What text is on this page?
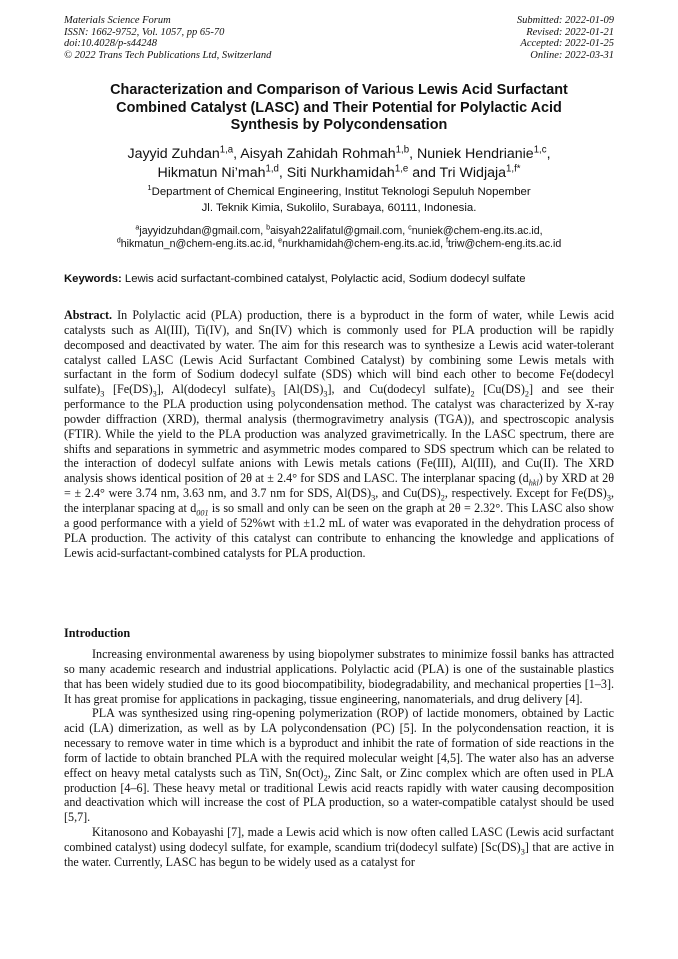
Materials Science Forum
ISSN: 1662-9752, Vol. 1057, pp 65-70
doi:10.4028/p-s44248
© 2022 Trans Tech Publications Ltd, Switzerland
Submitted: 2022-01-09
Revised: 2022-01-21
Accepted: 2022-01-25
Online: 2022-03-31
Characterization and Comparison of Various Lewis Acid Surfactant
Combined Catalyst (LASC) and Their Potential for Polylactic Acid
Synthesis by Polycondensation
Jayyid Zuhdan$^{1,a}$, Aisyah Zahidah Rohmah$^{1,b}$, Nuniek Hendrianie$^{1,c}$,
Hikmatun Ni’mah$^{1,d}$, Siti Nurkhamidah$^{1,e}$ and Tri Widjaja$^{1,f*}$
$^1$Department of Chemical Engineering, Institut Teknologi Sepuluh Nopember
Jl. Teknik Kimia, Sukolilo, Surabaya, 60111, Indonesia.
$^a$jayyidzuhdan@gmail.com, $^b$aisyah22alifatul@gmail.com, $^c$nuniek@chem-eng.its.ac.id,
$^d$hikmatun_n@chem-eng.its.ac.id, $^e$nurkhamidah@chem-eng.its.ac.id, $^f$triw@chem-eng.its.ac.id
Keywords: Lewis acid surfactant-combined catalyst, Polylactic acid, Sodium dodecyl sulfate
Abstract. In Polylactic acid (PLA) production, there is a byproduct in the form of water, while Lewis acid catalysts such as Al(III), Ti(IV), and Sn(IV) which is commonly used for PLA production will be rapidly decomposed and deactivated by water. The aim for this research was to synthesize a Lewis acid water-tolerant catalyst called LASC (Lewis Acid Surfactant Combined Catalyst) by combining some Lewis metals with surfactant in the form of Sodium dodecyl sulfate (SDS) which will bind each other to become Fe(dodecyl $sulfate)_3$ $[Fe(DS)_3]$, Al(dodecyl $sulfate)_3$ $[Al(DS)_3]$, and Cu(dodecyl $sulfate)_2$ $[Cu(DS)_2]$ and see their performance to the PLA production using polycondensation method. The catalyst was characterized by X-ray powder diffraction (XRD), thermal analysis (thermogravimetry analysis (TGA)), and spectroscopic analysis (FTIR). While the yield to the PLA production was analyzed gravimetrically. In the LASC spectrum, there are shifts and separations in symmetric and asymmetric modes compared to SDS spectrum which can be related to the interaction of dodecyl sulfate anions with Lewis metals cations (Fe(III), Al(III), and Cu(II). The XRD analysis shows identical position of 2θ at ± 2.4° for SDS and LASC. The interplanar spacing $(d_{hkl})$ by XRD at 2θ = ± 2.4° were 3.74 nm, 3.63 nm, and 3.7 nm for SDS, $Al(DS)_3$, and $Cu(DS)_2$, respectively. Except for $Fe(DS)_3$, the interplanar spacing at $d_{001}$ is so small and only can be seen on the graph at 2θ = 2.32°. This LASC also show a good performance with a yield of 52%wt with ±1.2 mL of water was evaporated in the dehydration process of PLA production. The activity of this catalyst can contribute to enhancing the knowledge and applications of Lewis acid-surfactant-combined catalysts for PLA production.
Introduction

Increasing environmental awareness by using biopolymer substrates to minimize fossil banks has attracted so many academic research and industrial applications. Polylactic acid (PLA) is one of the sustainable plastics that has been widely studied due to its good biocompatibility, biodegradability, and mechanical properties [1–3]. It has great promise for applications in packaging, tissue engineering, nanomaterials, and drug delivery [4].

PLA was synthesized using ring-opening polymerization (ROP) of lactide monomers, obtained by Lactic acid (LA) dimerization, as well as by LA polycondensation (PC) [5]. In the polycondensation reaction, it is necessary to remove water in time which is a byproduct and inhibit the rate of formation of side reactions in the form of lactide to obtain branched PLA with the required molecular weight [4,5]. The water also has an adverse effect on heavy metal catalysts such as TiN, $Sn(Oct)_2$, Zinc Salt, or Zinc complex which are often used in PLA production [4–6]. These heavy metal or traditional Lewis acid reacts rapidly with water causing decomposition and deactivation which will increase the cost of PLA production, so a water-compatible catalyst should be used [5,7].

Kitanosono and Kobayashi [7], made a Lewis acid which is now often called LASC (Lewis acid surfactant combined catalyst) using dodecyl sulfate, for example, scandium tri(dodecyl sulfate) $[Sc(DS)_3]$ that are active in the water. Currently, LASC has begun to be widely used as a catalyst for
